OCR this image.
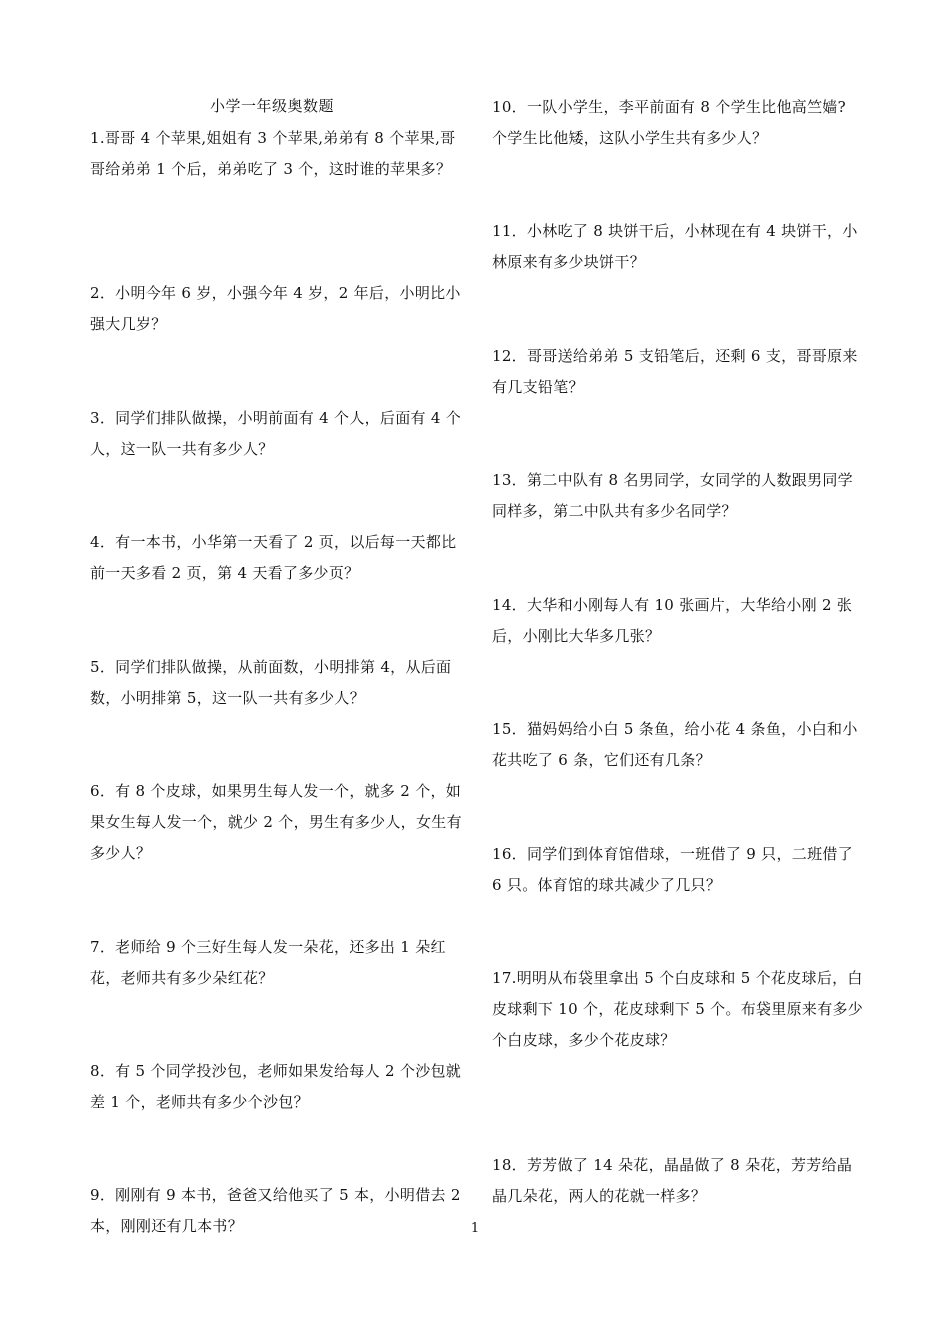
小学一年级奥数题

1.哥哥 4 个苹果,姐姐有 3 个苹果,弟弟有 8 个苹果,哥哥给弟弟 1 个后，弟弟吃了 3 个，这时谁的苹果多？

2．小明今年 6 岁，小强今年 4 岁，2 年后，小明比小强大几岁？

3．同学们排队做操，小明前面有 4 个人，后面有 4 个人，这一队一共有多少人？

4．有一本书，小华第一天看了 2 页，以后每一天都比前一天多看 2 页，第 4 天看了多少页？

5．同学们排队做操，从前面数，小明排第 4，从后面数，小明排第 5，这一队一共有多少人？

6．有 8 个皮球，如果男生每人发一个，就多 2 个，如果女生每人发一个，就少 2 个，男生有多少人，女生有多少人？

7．老师给 9 个三好生每人发一朵花，还多出 1 朵红花，老师共有多少朵红花？

8．有 5 个同学投沙包，老师如果发给每人 2 个沙包就差 1 个，老师共有多少个沙包？

9．刚刚有 9 本书，爸爸又给他买了 5 本，小明借去 2 本，刚刚还有几本书？

10．一队小学生，李平前面有 8 个学生比他高竺嫱? 个学生比他矮，这队小学生共有多少人？

11．小林吃了 8 块饼干后，小林现在有 4 块饼干，小林原来有多少块饼干？

12．哥哥送给弟弟 5 支铅笔后，还剩 6 支，哥哥原来有几支铅笔？

13．第二中队有 8 名男同学，女同学的人数跟男同学同样多，第二中队共有多少名同学？

14．大华和小刚每人有 10 张画片，大华给小刚 2 张后，小刚比大华多几张？

15．猫妈妈给小白 5 条鱼，给小花 4 条鱼，小白和小花共吃了 6 条，它们还有几条？

16．同学们到体育馆借球，一班借了 9 只，二班借了 6 只。体育馆的球共减少了几只？

17.明明从布袋里拿出 5 个白皮球和 5 个花皮球后，白皮球剩下 10 个，花皮球剩下 5 个。布袋里原来有多少个白皮球，多少个花皮球？

18．芳芳做了 14 朵花，晶晶做了 8 朵花，芳芳给晶晶几朵花，两人的花就一样多？

1
